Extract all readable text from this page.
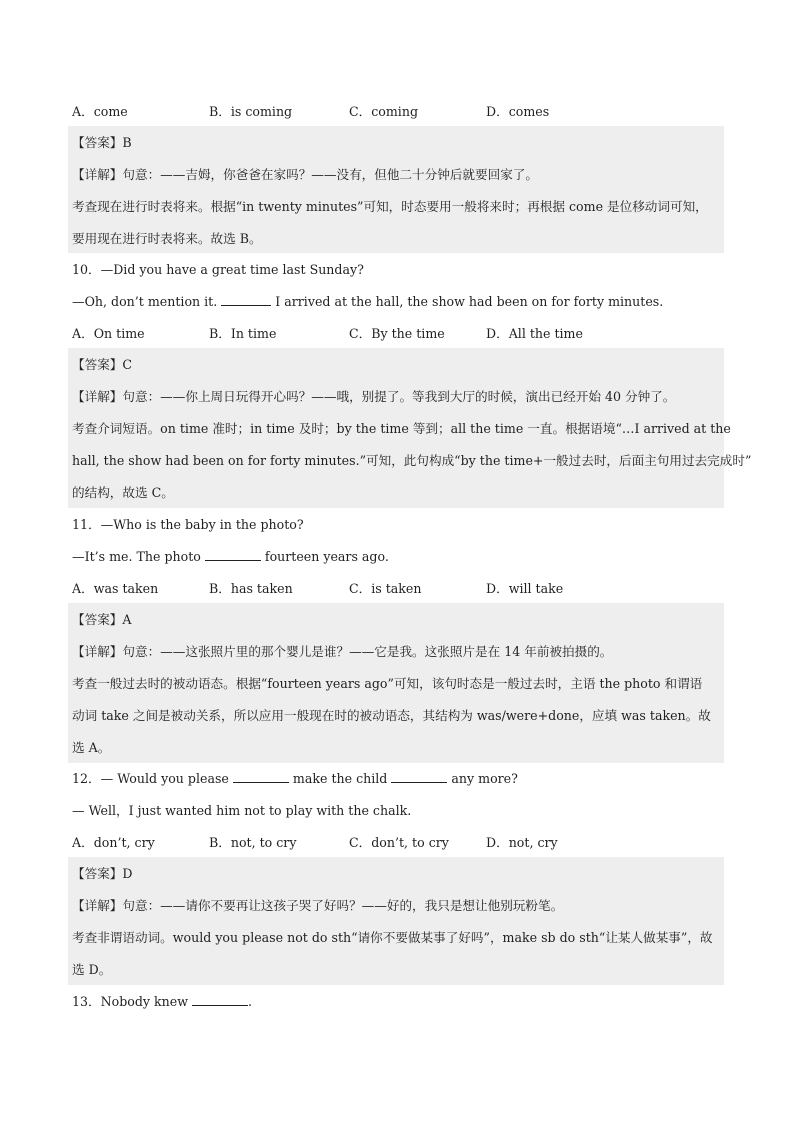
A．come	B．is coming	C．coming	D．comes
【答案】B
【详解】句意：——吉姆，你爸爸在家吗？——没有，但他二十分钟后就要回家了。
考查现在进行时表将来。根据“in twenty minutes”可知，时态要用一般将来时；再根据 come 是位移动词可知，
要用现在进行时表将来。故选 B。
10．—Did you have a great time last Sunday?
—Oh, don’t mention it.	I arrived at the hall, the show had been on for forty minutes.
A．On time	B．In time	C．By the time	D．All the time
【答案】C
【详解】句意：——你上周日玩得开心吗？——哦，别提了。等我到大厅的时候，演出已经开始 40 分钟了。
考查介词短语。on time 准时；in time 及时；by the time 等到；all the time 一直。根据语境“…I arrived at the
hall, the show had been on for forty minutes.”可知，此句构成“by the time+一般过去时，后面主句用过去完成时”
的结构，故选 C。
11．—Who is the baby in the photo?
—It’s me. The photo	fourteen years ago.
A．was taken	B．has taken	C．is taken	D．will take
【答案】A
【详解】句意：——这张照片里的那个婴儿是谁？——它是我。这张照片是在 14 年前被拍摄的。
考查一般过去时的被动语态。根据“fourteen years ago”可知，该句时态是一般过去时，主语 the photo 和谓语
动词 take 之间是被动关系，所以应用一般现在时的被动语态，其结构为 was/were+done，应填 was taken。故
选 A。
12．— Would you please	make the child	any more?
— Well，I just wanted him not to play with the chalk.
A．don’t, cry	B．not, to cry	C．don’t, to cry	D．not, cry
【答案】D
【详解】句意：——请你不要再让这孩子哭了好吗？——好的，我只是想让他别玩粉笔。
考查非谓语动词。would you please not do sth“请你不要做某事了好吗”，make sb do sth“让某人做某事”，故
选 D。
13．Nobody knew	.
